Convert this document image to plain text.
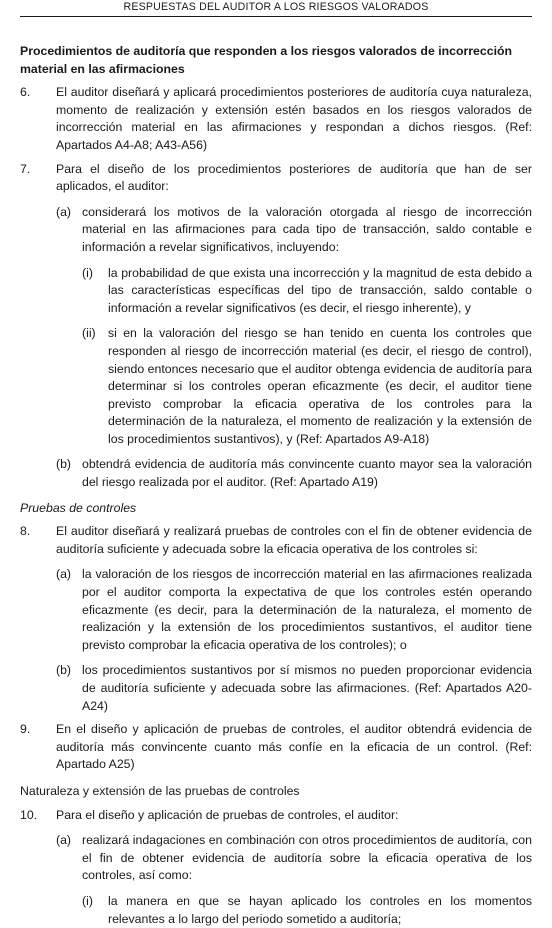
RESPUESTAS DEL AUDITOR A LOS RIESGOS VALORADOS

Procedimientos de auditoría que responden a los riesgos valorados de incorrección material en las afirmaciones

6.	El auditor diseñará y aplicará procedimientos posteriores de auditoría cuya naturaleza, momento de realización y extensión estén basados en los riesgos valorados de incorrección material en las afirmaciones y respondan a dichos riesgos. (Ref: Apartados A4-A8; A43-A56)

7.	Para el diseño de los procedimientos posteriores de auditoría que han de ser aplicados, el auditor:

(a) considerará los motivos de la valoración otorgada al riesgo de incorrección material en las afirmaciones para cada tipo de transacción, saldo contable e información a revelar significativos, incluyendo:

(i)	la probabilidad de que exista una incorrección y la magnitud de esta debido a las características específicas del tipo de transacción, saldo contable o información a revelar significativos (es decir, el riesgo inherente), y

(ii)	si en la valoración del riesgo se han tenido en cuenta los controles que responden al riesgo de incorrección material (es decir, el riesgo de control), siendo entonces necesario que el auditor obtenga evidencia de auditoría para determinar si los controles operan eficazmente (es decir, el auditor tiene previsto comprobar la eficacia operativa de los controles para la determinación de la naturaleza, el momento de realización y la extensión de los procedimientos sustantivos), y (Ref: Apartados A9-A18)

(b) obtendrá evidencia de auditoría más convincente cuanto mayor sea la valoración del riesgo realizada por el auditor. (Ref: Apartado A19)

Pruebas de controles

8.	El auditor diseñará y realizará pruebas de controles con el fin de obtener evidencia de auditoría suficiente y adecuada sobre la eficacia operativa de los controles si:

(a) la valoración de los riesgos de incorrección material en las afirmaciones realizada por el auditor comporta la expectativa de que los controles estén operando eficazmente (es decir, para la determinación de la naturaleza, el momento de realización y la extensión de los procedimientos sustantivos, el auditor tiene previsto comprobar la eficacia operativa de los controles); o

(b) los procedimientos sustantivos por sí mismos no pueden proporcionar evidencia de auditoría suficiente y adecuada sobre las afirmaciones. (Ref: Apartados A20-A24)

9.	En el diseño y aplicación de pruebas de controles, el auditor obtendrá evidencia de auditoría más convincente cuanto más confíe en la eficacia de un control. (Ref: Apartado A25)

Naturaleza y extensión de las pruebas de controles

10.	Para el diseño y aplicación de pruebas de controles, el auditor:

(a) realizará indagaciones en combinación con otros procedimientos de auditoría, con el fin de obtener evidencia de auditoría sobre la eficacia operativa de los controles, así como:

(i)	la manera en que se hayan aplicado los controles en los momentos relevantes a lo largo del periodo sometido a auditoría;
